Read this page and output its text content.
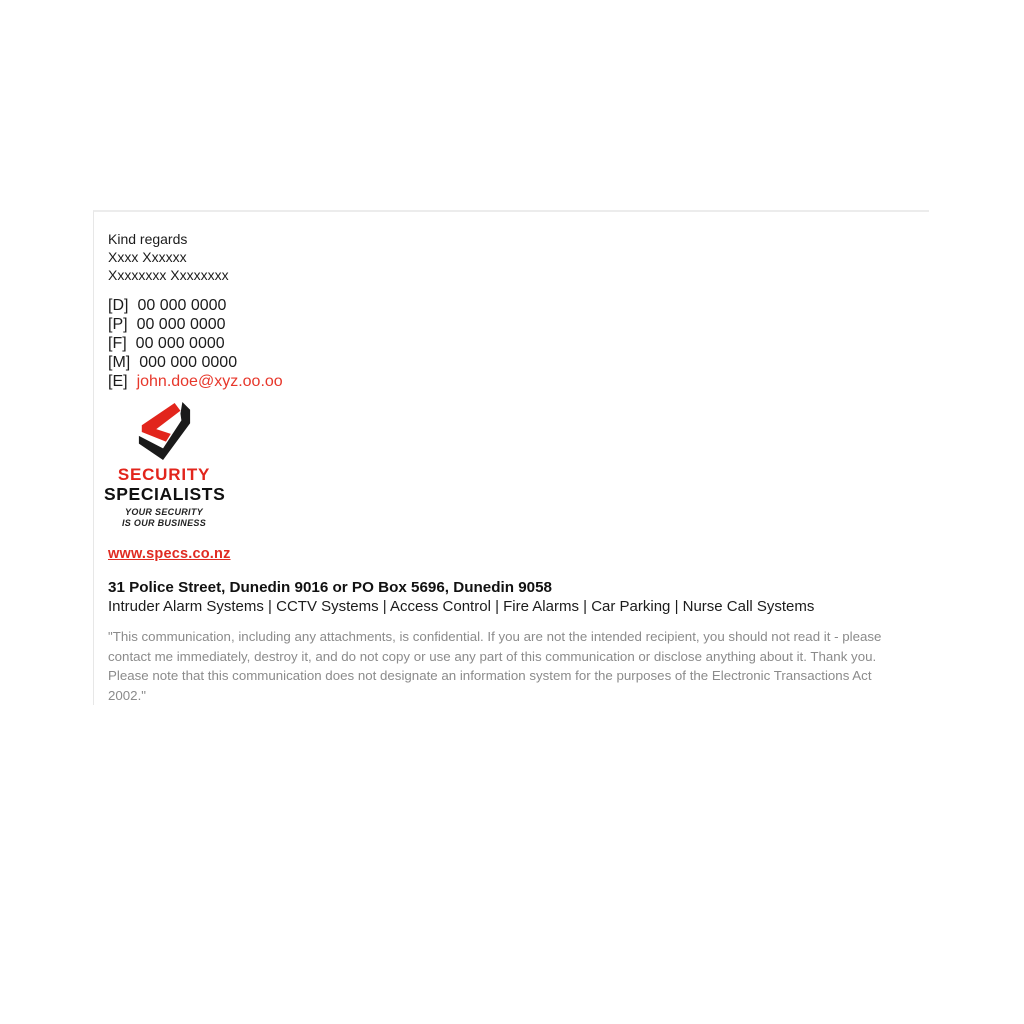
Kind regards
Xxxx Xxxxxx
Xxxxxxxx Xxxxxxxx
[D] 00 000 0000
[P] 00 000 0000
[F] 00 000 0000
[M] 000 000 0000
[E] john.doe@xyz.oo.oo
SECURITY
SPECIALISTS
YOUR SECURITY
IS OUR BUSINESS
www.specs.co.nz
31 Police Street, Dunedin 9016 or PO Box 5696, Dunedin 9058
Intruder Alarm Systems | CCTV Systems | Access Control | Fire Alarms | Car Parking | Nurse Call Systems
"This communication, including any attachments, is confidential. If you are not the intended recipient, you should not read it - please contact me immediately, destroy it, and do not copy or use any part of this communication or disclose anything about it. Thank you. Please note that this communication does not designate an information system for the purposes of the Electronic Transactions Act 2002."
